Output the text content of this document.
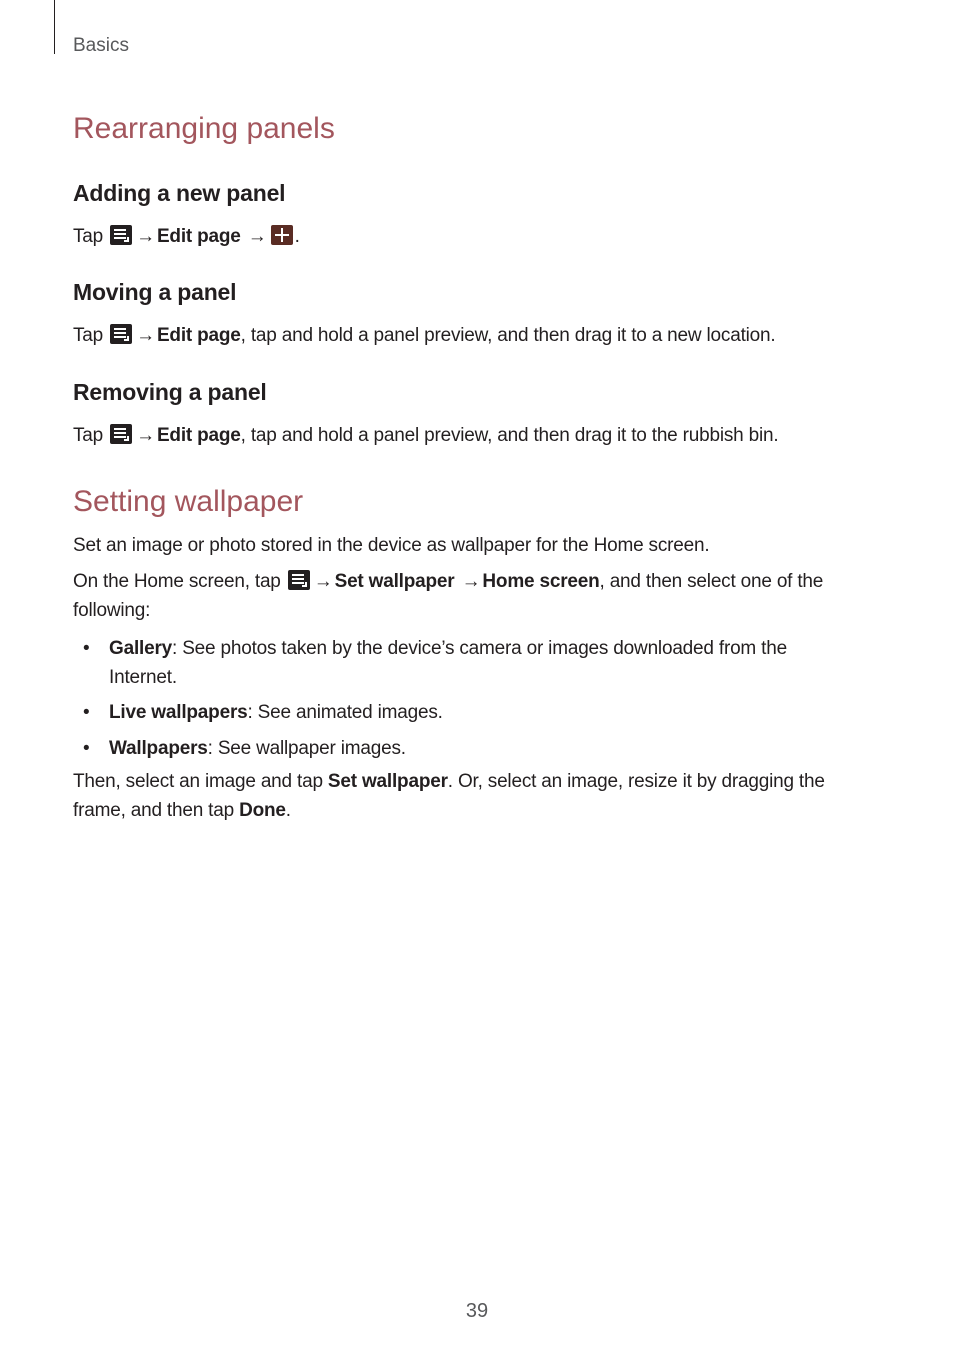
Basics
Rearranging panels
Adding a new panel

Tap → Edit page → .

Moving a panel

Tap → Edit page, tap and hold a panel preview, and then drag it to a new location.

Removing a panel

Tap → Edit page, tap and hold a panel preview, and then drag it to the rubbish bin.

Setting wallpaper

Set an image or photo stored in the device as wallpaper for the Home screen.

On the Home screen, tap → Set wallpaper → Home screen, and then select one of the

following:

• Gallery: See photos taken by the device’s camera or images downloaded from the

Internet.

• Live wallpapers: See animated images.

• Wallpapers: See wallpaper images.

Then, select an image and tap Set wallpaper. Or, select an image, resize it by dragging the

frame, and then tap Done.

39
